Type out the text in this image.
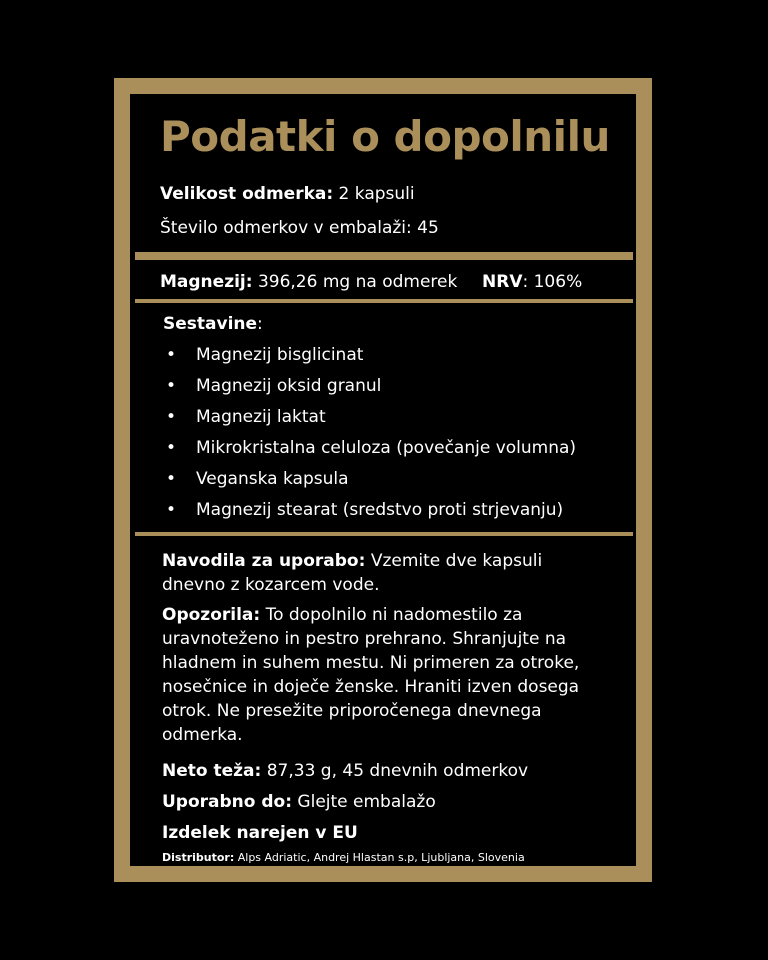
Podatki o dopolnilu
Velikost odmerka: 2 kapsuli
Število odmerkov v embalaži: 45
Magnezij: 396,26 mg na odmerek NRV: 106%
Sestavine:
• Magnezij bisglicinat
• Magnezij oksid granul
• Magnezij laktat
• Mikrokristalna celuloza (povečanje volumna)
• Veganska kapsula
• Magnezij stearat (sredstvo proti strjevanju)
Navodila za uporabo: Vzemite dve kapsuli dnevno z kozarcem vode.
Opozorila: To dopolnilo ni nadomestilo za uravnoteženo in pestro prehrano. Shranjujte na hladnem in suhem mestu. Ni primeren za otroke, nosečnice in doječe ženske. Hraniti izven dosega otrok. Ne presežite priporočenega dnevnega odmerka.
Neto teža: 87,33 g, 45 dnevnih odmerkov
Uporabno do: Glejte embalažo
Izdelek narejen v EU
Distributor: Alps Adriatic, Andrej Hlastan s.p, Ljubljana, Slovenia
